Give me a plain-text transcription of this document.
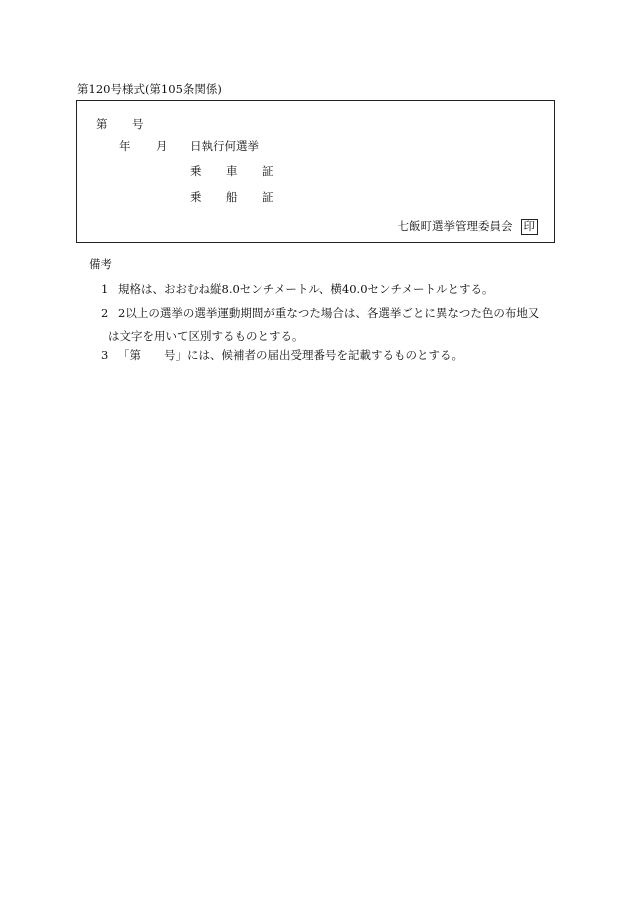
第120号様式(第105条関係)
第 号
年 月 日執行何選挙
乗 車 証
乗 船 証
七飯町選挙管理委員会 印
備考
1 規格は、おおむね縦8.0センチメートル、横40.0センチメートルとする。
2 2以上の選挙の選挙運動期間が重なつた場合は、各選挙ごとに異なつた色の布地又
は文字を用いて区別するものとする。
3 「第　　号」には、候補者の届出受理番号を記載するものとする。
